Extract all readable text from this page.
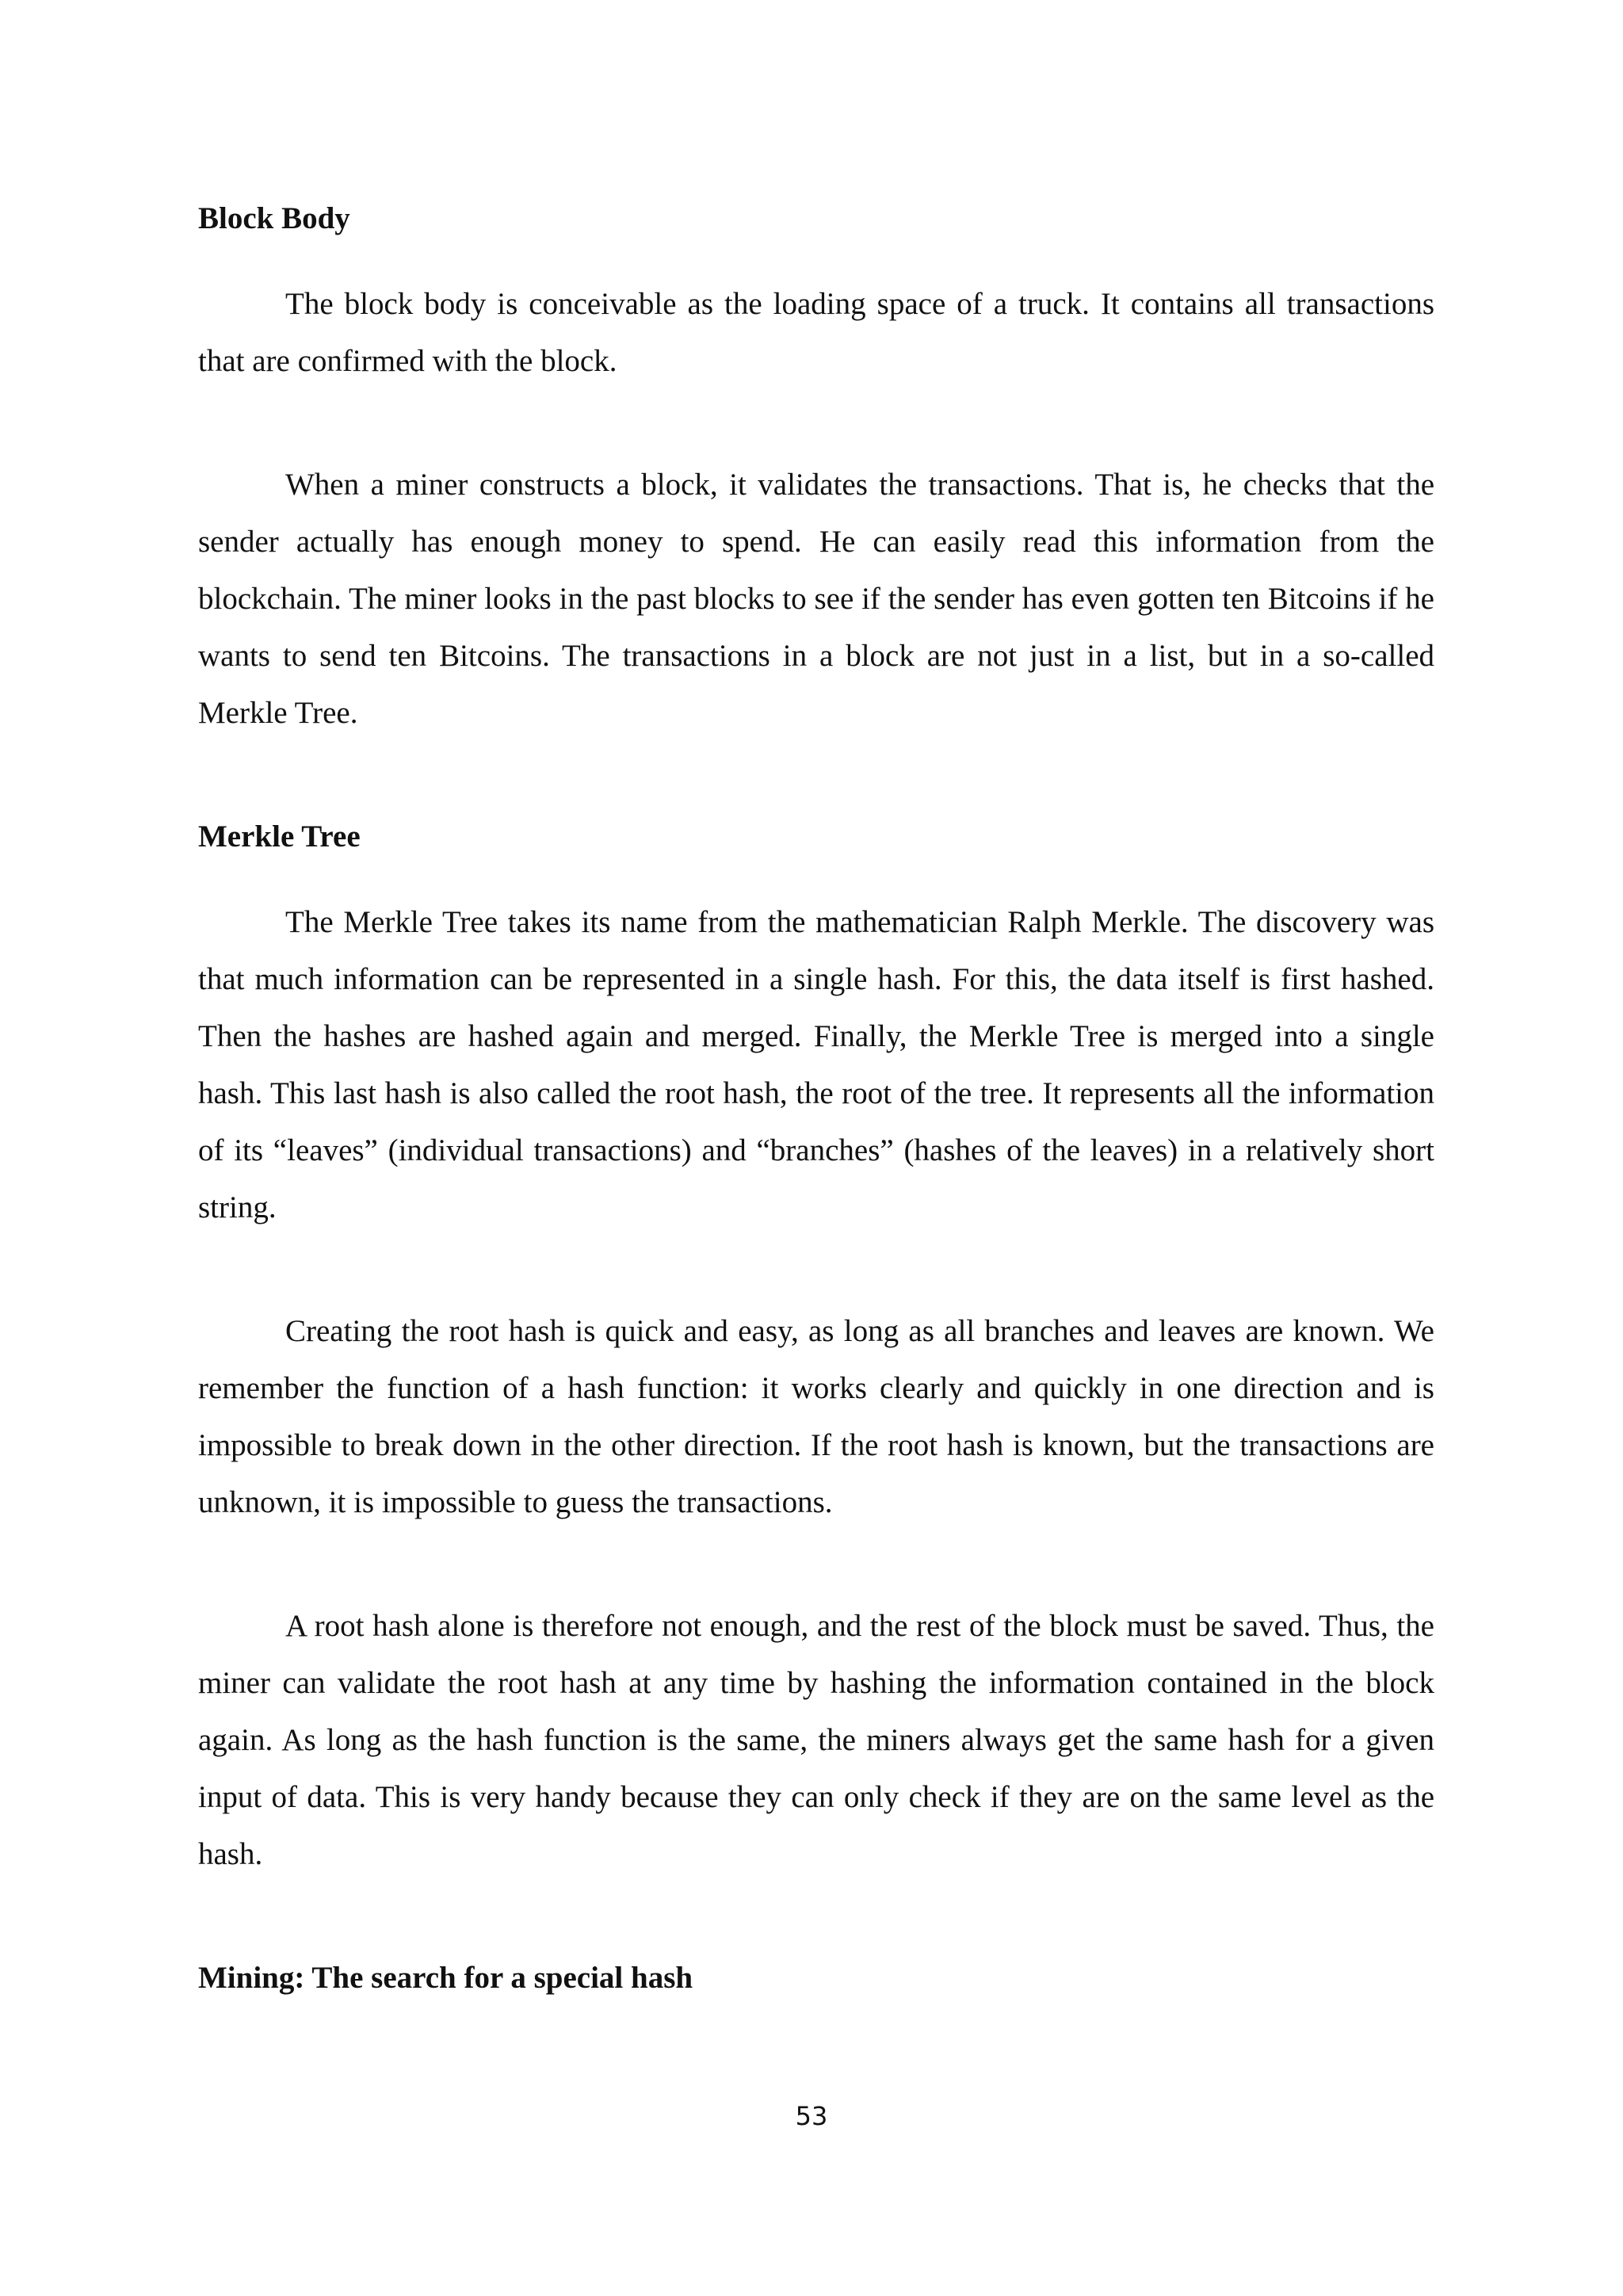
Block Body

The block body is conceivable as the loading space of a truck. It contains all transactions that are confirmed with the block.

When a miner constructs a block, it validates the transactions. That is, he checks that the sender actually has enough money to spend. He can easily read this information from the blockchain. The miner looks in the past blocks to see if the sender has even gotten ten Bitcoins if he wants to send ten Bitcoins. The transactions in a block are not just in a list, but in a so-called Merkle Tree.

Merkle Tree

The Merkle Tree takes its name from the mathematician Ralph Merkle. The discovery was that much information can be represented in a single hash. For this, the data itself is first hashed. Then the hashes are hashed again and merged. Finally, the Merkle Tree is merged into a single hash. This last hash is also called the root hash, the root of the tree. It represents all the information of its “leaves” (individual transactions) and “branches” (hashes of the leaves) in a relatively short string.

Creating the root hash is quick and easy, as long as all branches and leaves are known. We remember the function of a hash function: it works clearly and quickly in one direction and is impossible to break down in the other direction. If the root hash is known, but the transactions are unknown, it is impossible to guess the transactions.

A root hash alone is therefore not enough, and the rest of the block must be saved. Thus, the miner can validate the root hash at any time by hashing the information contained in the block again. As long as the hash function is the same, the miners always get the same hash for a given input of data. This is very handy because they can only check if they are on the same level as the hash.

Mining: The search for a special hash
53
